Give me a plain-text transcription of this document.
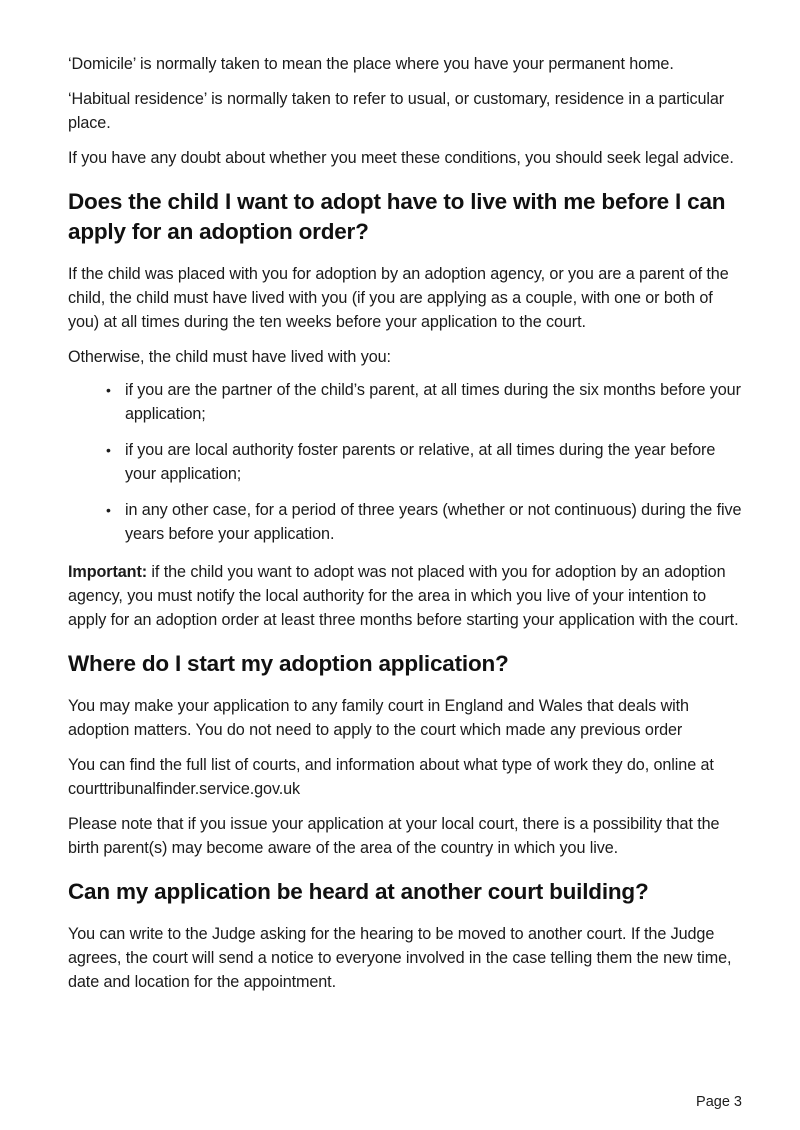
‘Domicile’ is normally taken to mean the place where you have your permanent home.

‘Habitual residence’ is normally taken to refer to usual, or customary, residence in a particular place.

If you have any doubt about whether you meet these conditions, you should seek legal advice.

Does the child I want to adopt have to live with me before I can apply for an adoption order?

If the child was placed with you for adoption by an adoption agency, or you are a parent of the child, the child must have lived with you (if you are applying as a couple, with one or both of you) at all times during the ten weeks before your application to the court.

Otherwise, the child must have lived with you:

• if you are the partner of the child’s parent, at all times during the six months before your application;
• if you are local authority foster parents or relative, at all times during the year before your application;
• in any other case, for a period of three years (whether or not continuous) during the five years before your application.

Important: if the child you want to adopt was not placed with you for adoption by an adoption agency, you must notify the local authority for the area in which you live of your intention to apply for an adoption order at least three months before starting your application with the court.

Where do I start my adoption application?

You may make your application to any family court in England and Wales that deals with adoption matters. You do not need to apply to the court which made any previous order

You can find the full list of courts, and information about what type of work they do, online at courttribunalfinder.service.gov.uk

Please note that if you issue your application at your local court, there is a possibility that the birth parent(s) may become aware of the area of the country in which you live.

Can my application be heard at another court building?

You can write to the Judge asking for the hearing to be moved to another court. If the Judge agrees, the court will send a notice to everyone involved in the case telling them the new time, date and location for the appointment.

Page 3
